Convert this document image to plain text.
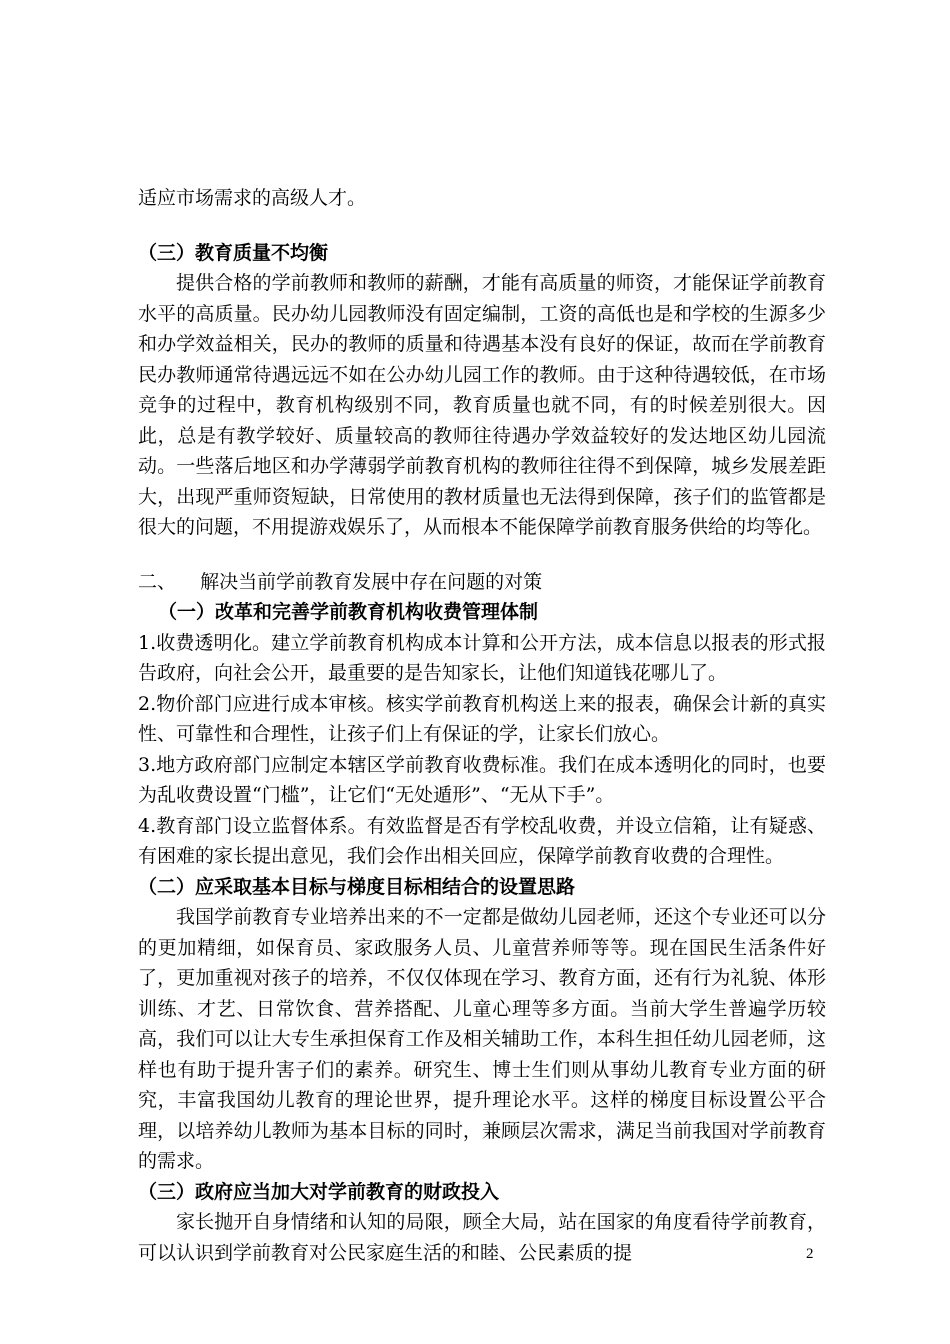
适应市场需求的高级人才。

（三）教育质量不均衡

提供合格的学前教师和教师的薪酬，才能有高质量的师资，才能保证学前教育水平的高质量。民办幼儿园教师没有固定编制，工资的高低也是和学校的生源多少和办学效益相关，民办的教师的质量和待遇基本没有良好的保证，故而在学前教育民办教师通常待遇远远不如在公办幼儿园工作的教师。由于这种待遇较低，在市场竞争的过程中，教育机构级别不同，教育质量也就不同，有的时候差别很大。因此，总是有教学较好、质量较高的教师往待遇办学效益较好的发达地区幼儿园流动。一些落后地区和办学薄弱学前教育机构的教师往往得不到保障，城乡发展差距大，出现严重师资短缺，日常使用的教材质量也无法得到保障，孩子们的监管都是很大的问题，不用提游戏娱乐了，从而根本不能保障学前教育服务供给的均等化。

二、    解决当前学前教育发展中存在问题的对策

（一）改革和完善学前教育机构收费管理体制

1.收费透明化。建立学前教育机构成本计算和公开方法，成本信息以报表的形式报告政府，向社会公开，最重要的是告知家长，让他们知道钱花哪儿了。

2.物价部门应进行成本审核。核实学前教育机构送上来的报表，确保会计新的真实性、可靠性和合理性，让孩子们上有保证的学，让家长们放心。

3.地方政府部门应制定本辖区学前教育收费标准。我们在成本透明化的同时，也要为乱收费设置“门槛”，让它们“无处遁形”、“无从下手”。

4.教育部门设立监督体系。有效监督是否有学校乱收费，并设立信箱，让有疑惑、有困难的家长提出意见，我们会作出相关回应，保障学前教育收费的合理性。

（二）应采取基本目标与梯度目标相结合的设置思路

我国学前教育专业培养出来的不一定都是做幼儿园老师，还这个专业还可以分的更加精细，如保育员、家政服务人员、儿童营养师等等。现在国民生活条件好了，更加重视对孩子的培养，不仅仅体现在学习、教育方面，还有行为礼貌、体形训练、才艺、日常饮食、营养搭配、儿童心理等多方面。当前大学生普遍学历较高，我们可以让大专生承担保育工作及相关辅助工作，本科生担任幼儿园老师，这样也有助于提升害子们的素养。研究生、博士生们则从事幼儿教育专业方面的研究，丰富我国幼儿教育的理论世界，提升理论水平。这样的梯度目标设置公平合理，以培养幼儿教师为基本目标的同时，兼顾层次需求，满足当前我国对学前教育的需求。

（三）政府应当加大对学前教育的财政投入

家长抛开自身情绪和认知的局限，顾全大局，站在国家的角度看待学前教育，可以认识到学前教育对公民家庭生活的和睦、公民素质的提	2
